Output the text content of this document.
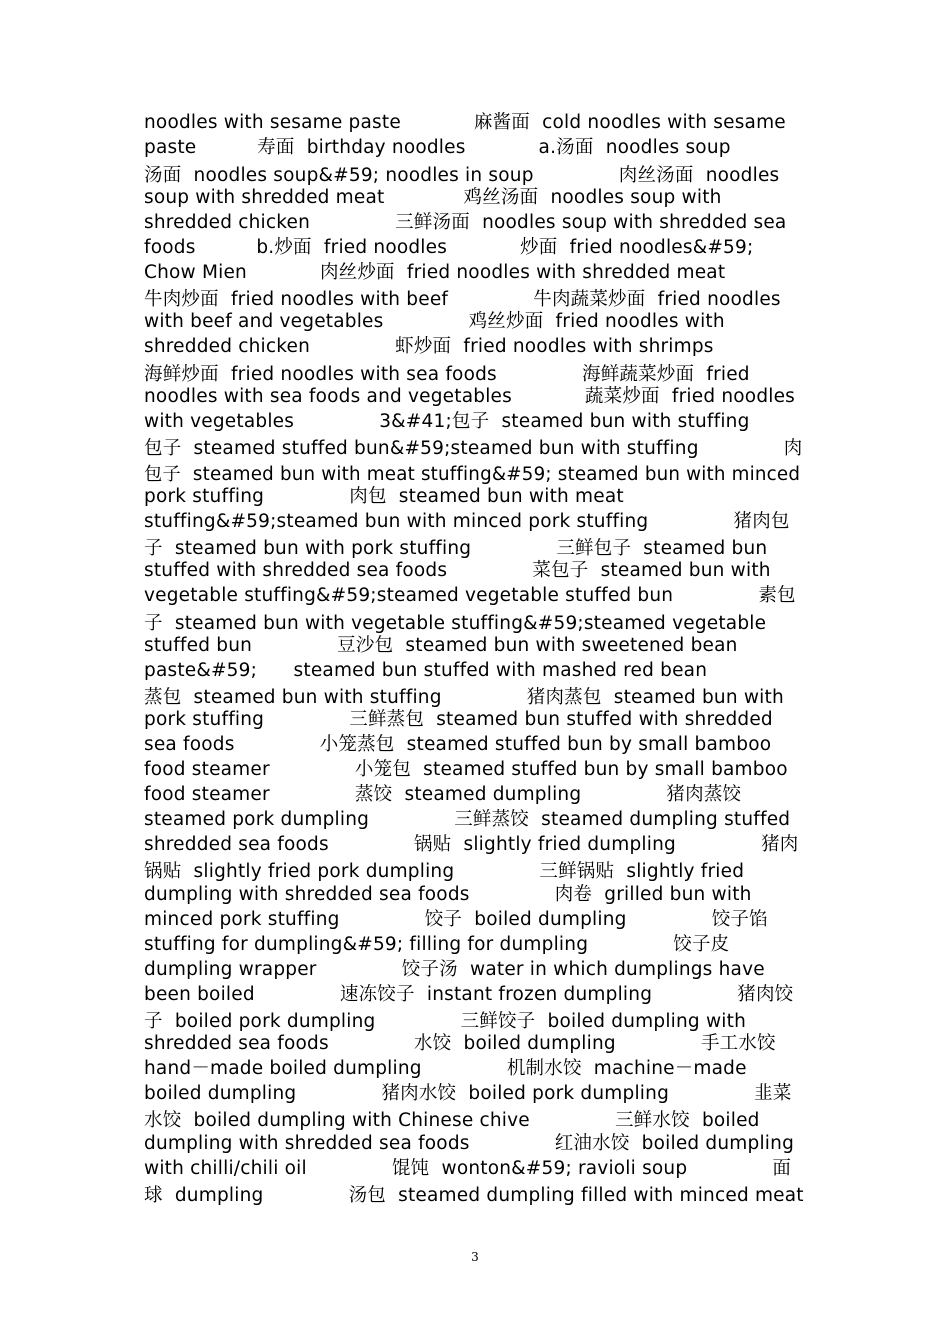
noodles with sesame paste            麻酱面  cold noodles with sesame
paste          寿面  birthday noodles            a.汤面  noodles soup
汤面  noodles soup&#59; noodles in soup              肉丝汤面  noodles
soup with shredded meat             鸡丝汤面  noodles soup with
shredded chicken              三鲜汤面  noodles soup with shredded sea
foods          b.炒面  fried noodles            炒面  fried noodles&#59;
Chow Mien            肉丝炒面  fried noodles with shredded meat
牛肉炒面  fried noodles with beef              牛肉蔬菜炒面  fried noodles
with beef and vegetables              鸡丝炒面  fried noodles with
shredded chicken              虾炒面  fried noodles with shrimps
海鲜炒面  fried noodles with sea foods              海鲜蔬菜炒面  fried
noodles with sea foods and vegetables            蔬菜炒面  fried noodles
with vegetables              3&#41;包子  steamed bun with stuffing
包子  steamed stuffed bun&#59;steamed bun with stuffing              肉
包子  steamed bun with meat stuffing&#59; steamed bun with minced
pork stuffing              肉包  steamed bun with meat
stuffing&#59;steamed bun with minced pork stuffing              猪肉包
子  steamed bun with pork stuffing              三鲜包子  steamed bun
stuffed with shredded sea foods              菜包子  steamed bun with
vegetable stuffing&#59;steamed vegetable stuffed bun              素包
子  steamed bun with vegetable stuffing&#59;steamed vegetable
stuffed bun              豆沙包  steamed bun with sweetened bean
paste&#59;      steamed bun stuffed with mashed red bean
蒸包  steamed bun with stuffing              猪肉蒸包  steamed bun with
pork stuffing              三鲜蒸包  steamed bun stuffed with shredded
sea foods              小笼蒸包  steamed stuffed bun by small bamboo
food steamer              小笼包  steamed stuffed bun by small bamboo
food steamer              蒸饺  steamed dumpling              猪肉蒸饺
steamed pork dumpling              三鲜蒸饺  steamed dumpling stuffed
shredded sea foods              锅贴  slightly fried dumpling              猪肉
锅贴  slightly fried pork dumpling              三鲜锅贴  slightly fried
dumpling with shredded sea foods              肉卷  grilled bun with
minced pork stuffing              饺子  boiled dumpling              饺子馅
stuffing for dumpling&#59; filling for dumpling              饺子皮
dumpling wrapper              饺子汤  water in which dumplings have
been boiled              速冻饺子  instant frozen dumpling              猪肉饺
子  boiled pork dumpling              三鲜饺子  boiled dumpling with
shredded sea foods              水饺  boiled dumpling              手工水饺
hand－made boiled dumpling              机制水饺  machine－made
boiled dumpling              猪肉水饺  boiled pork dumpling              韭菜
水饺  boiled dumpling with Chinese chive              三鲜水饺  boiled
dumpling with shredded sea foods              红油水饺  boiled dumpling
with chilli/chili oil              馄饨  wonton&#59; ravioli soup              面
球  dumpling              汤包  steamed dumpling filled with minced meat
3
